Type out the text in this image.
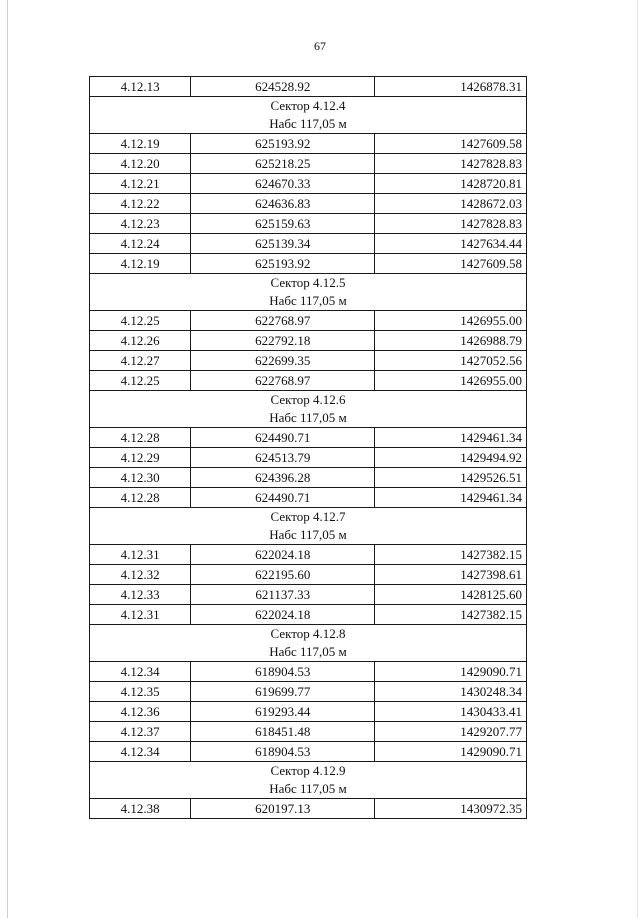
67
4.12.13	624528.92	1426878.31

Сектор 4.12.4
Набс 117,05 м		

4.12.19	625193.92	1427609.58
4.12.20	625218.25	1427828.83
4.12.21	624670.33	1428720.81
4.12.22	624636.83	1428672.03
4.12.23	625159.63	1427828.83
4.12.24	625139.34	1427634.44
4.12.19	625193.92	1427609.58

Сектор 4.12.5
Набс 117,05 м		

4.12.25	622768.97	1426955.00
4.12.26	622792.18	1426988.79
4.12.27	622699.35	1427052.56
4.12.25	622768.97	1426955.00

Сектор 4.12.6
Набс 117,05 м		

4.12.28	624490.71	1429461.34
4.12.29	624513.79	1429494.92
4.12.30	624396.28	1429526.51
4.12.28	624490.71	1429461.34

Сектор 4.12.7
Набс 117,05 м		

4.12.31	622024.18	1427382.15
4.12.32	622195.60	1427398.61
4.12.33	621137.33	1428125.60
4.12.31	622024.18	1427382.15

Сектор 4.12.8
Набс 117,05 м		

4.12.34	618904.53	1429090.71
4.12.35	619699.77	1430248.34
4.12.36	619293.44	1430433.41
4.12.37	618451.48	1429207.77
4.12.34	618904.53	1429090.71

Сектор 4.12.9
Набс 117,05 м		

4.12.38	620197.13	1430972.35
